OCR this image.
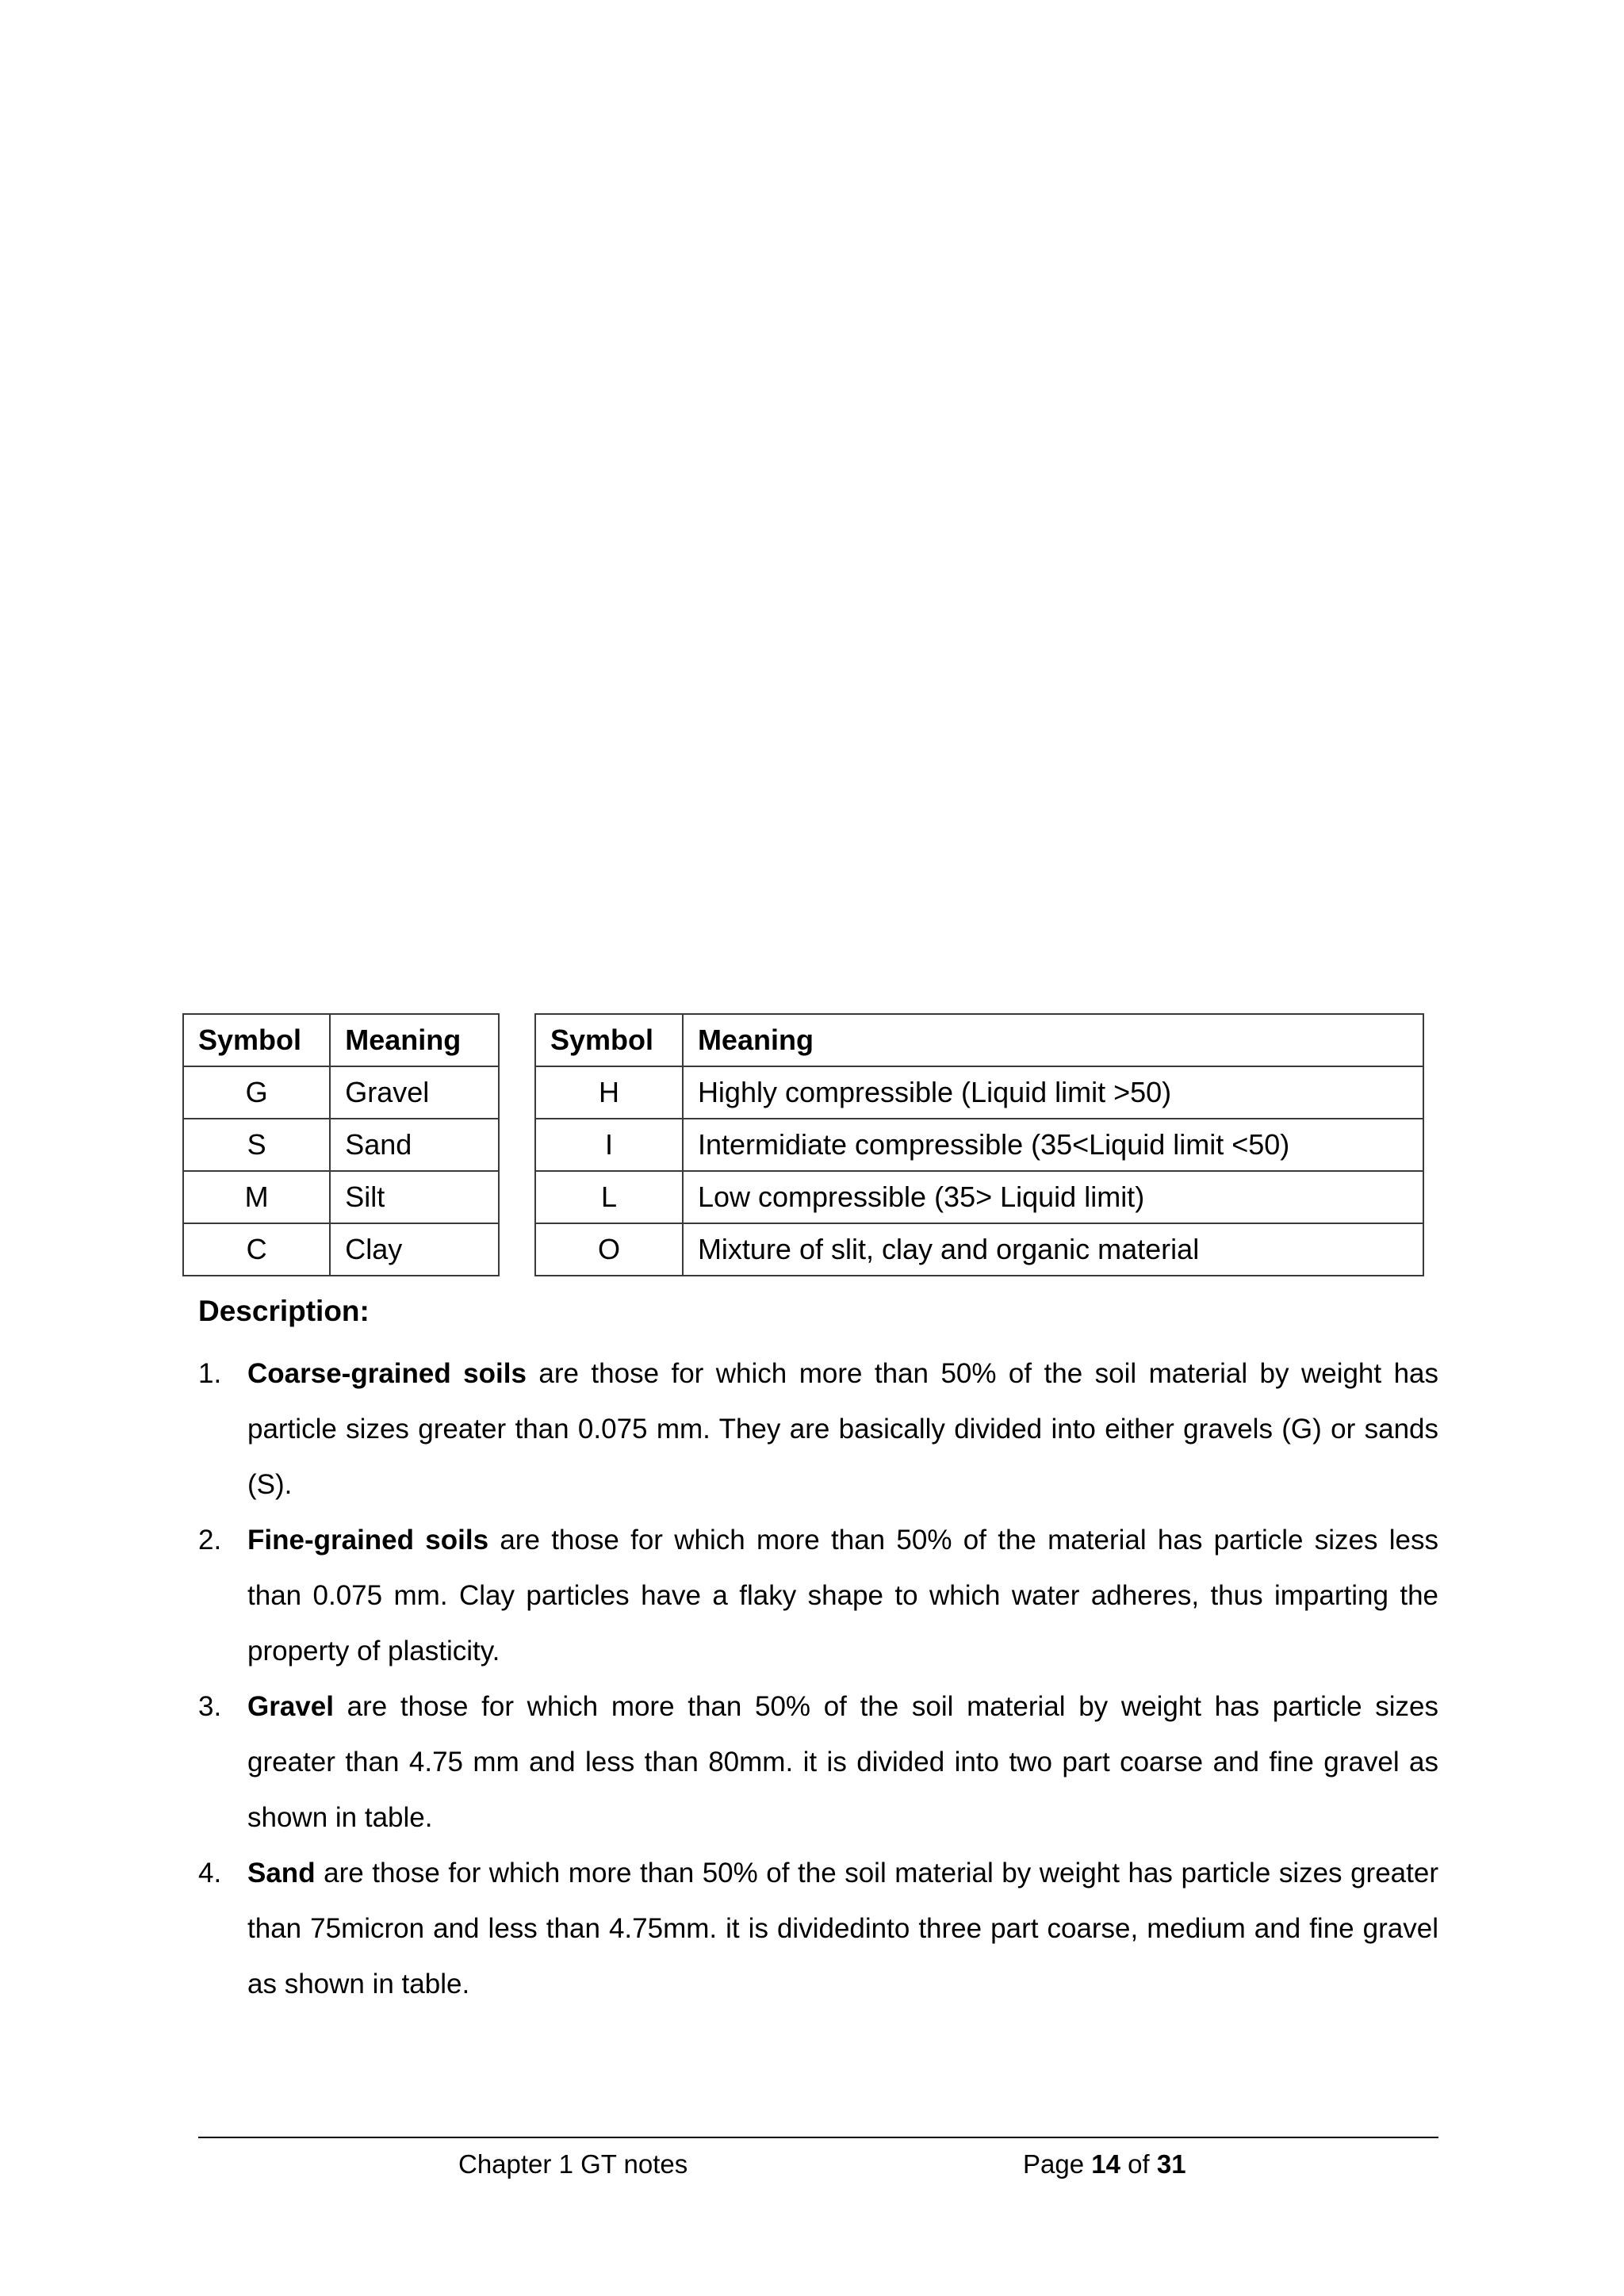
Symbol	Meaning
G	Gravel
S	Sand
M	Silt
C	Clay
Symbol	Meaning
H	Highly compressible (Liquid limit >50)
I	Intermidiate compressible (35<Liquid limit <50)
L	Low compressible (35> Liquid limit)
O	Mixture of slit, clay and organic material
Description:
1. Coarse-grained soils are those for which more than 50% of the soil material by weight has particle sizes greater than 0.075 mm. They are basically divided into either gravels (G) or sands (S).
2. Fine-grained soils are those for which more than 50% of the material has particle sizes less than 0.075 mm. Clay particles have a flaky shape to which water adheres, thus imparting the property of plasticity.
3. Gravel are those for which more than 50% of the soil material by weight has particle sizes greater than 4.75 mm and less than 80mm. it is divided into two part coarse and fine gravel as shown in table.
4. Sand are those for which more than 50% of the soil material by weight has particle sizes greater than 75micron and less than 4.75mm. it is dividedinto three part coarse, medium and fine gravel as shown in table.
Chapter 1 GT notes	Page 14 of 31
